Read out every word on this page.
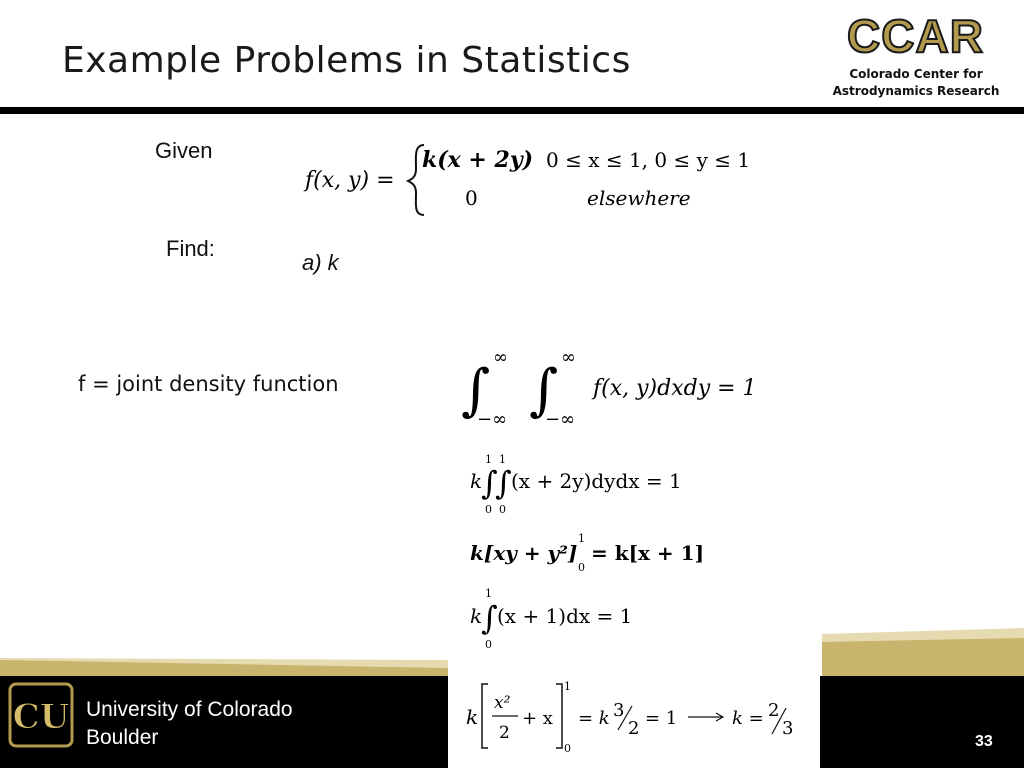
Example Problems in Statistics	CCAR
Colorado Center for
Astrodynamics Research
Given
f(x, y) =
k(x + 2y) 0 ≤ x ≤ 1, 0 ≤ y ≤ 1
0	elsewhere
Find:
a) k
f = joint density function ∫
∞
−∞ ∫
∞
−∞
f(x, y)dxdy = 1
k
∫
1
0
∫
1
0
(x + 2y)dydx = 1
k[xy + y²]
1
0
= k[x + 1]
k
∫
1
0
(x + 1)dx = 1
k
x²
2
+ x
1
0
= k 3
2 = 1	k = 2
3
CU University of Colorado
Boulder	33
